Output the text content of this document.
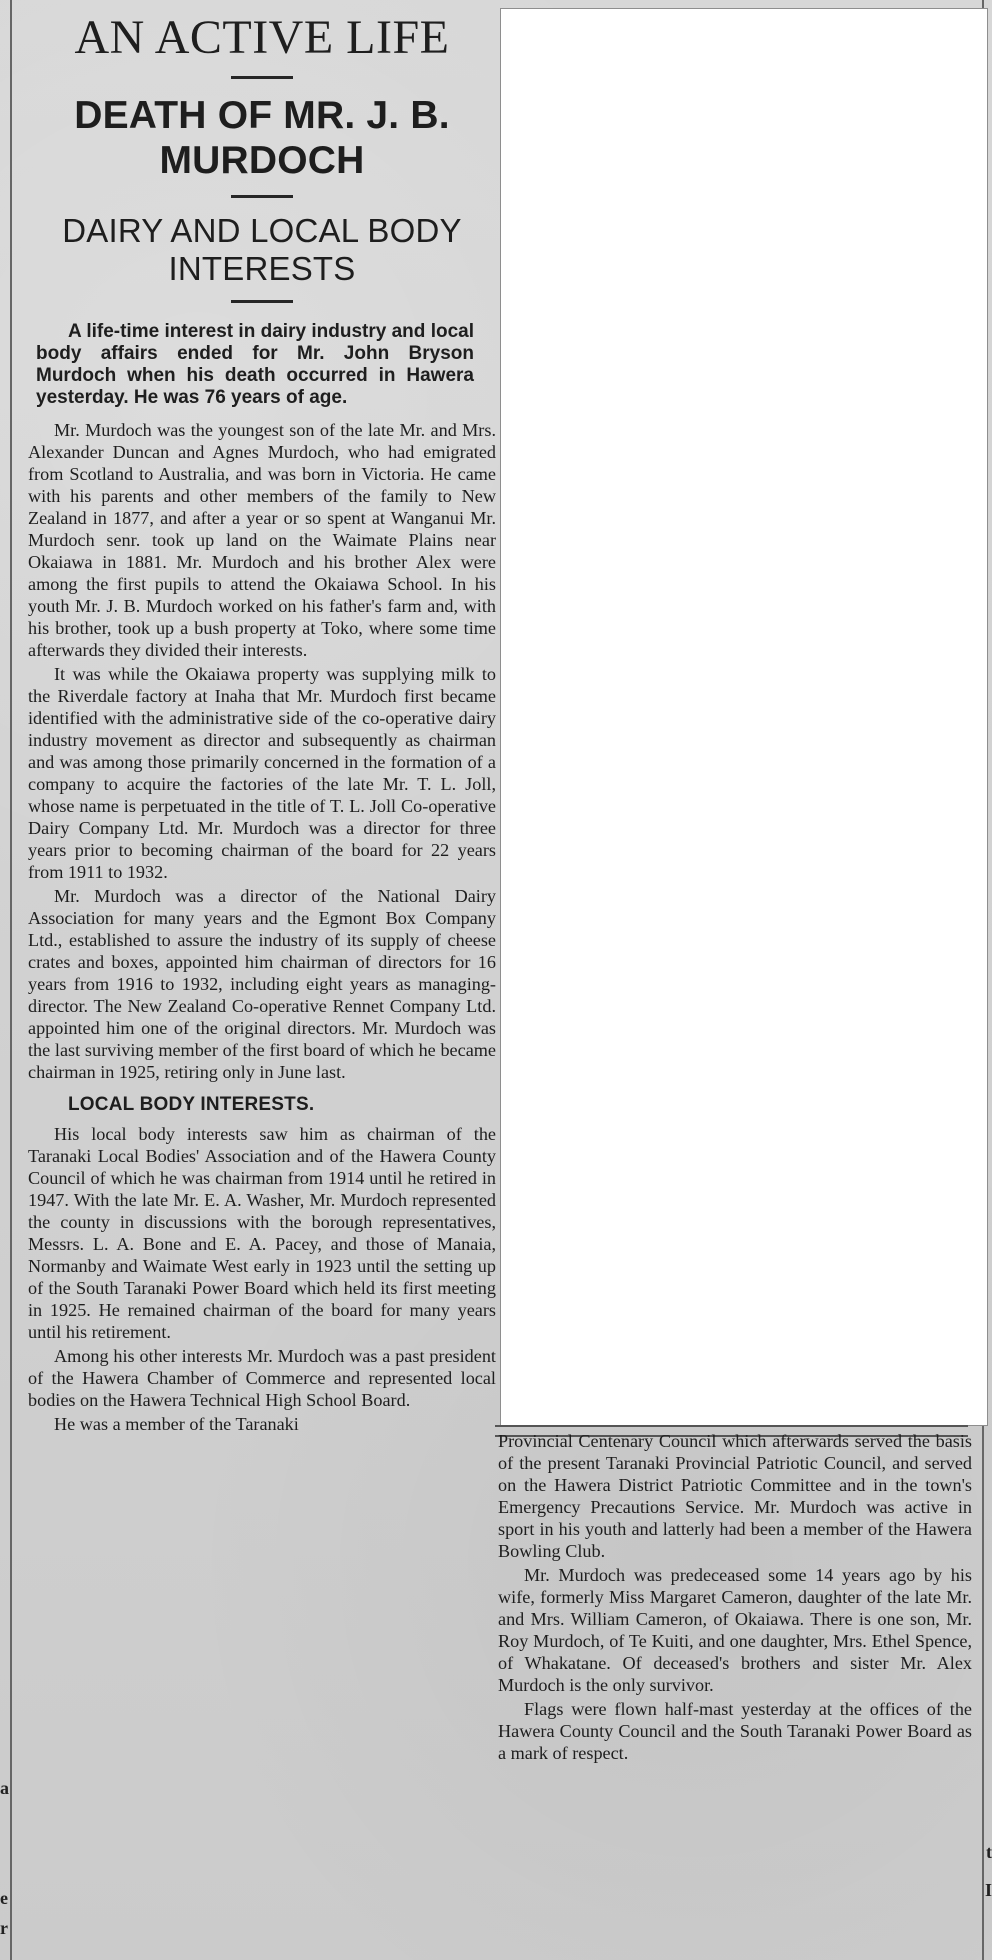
a
e
r
t
I
AN ACTIVE LIFE
DEATH OF MR. J. B. MURDOCH
DAIRY AND LOCAL BODY INTERESTS

A life-time interest in dairy industry and local body affairs ended for Mr. John Bryson Murdoch when his death occurred in Hawera yesterday. He was 76 years of age.

Mr. Murdoch was the youngest son of the late Mr. and Mrs. Alexander Duncan and Agnes Murdoch, who had emigrated from Scotland to Australia, and was born in Victoria. He came with his parents and other members of the family to New Zealand in 1877, and after a year or so spent at Wanganui Mr. Murdoch senr. took up land on the Waimate Plains near Okaiawa in 1881. Mr. Murdoch and his brother Alex were among the first pupils to attend the Okaiawa School. In his youth Mr. J. B. Murdoch worked on his father's farm and, with his brother, took up a bush property at Toko, where some time afterwards they divided their interests.

It was while the Okaiawa property was supplying milk to the Riverdale factory at Inaha that Mr. Murdoch first became identified with the administrative side of the co-operative dairy industry movement as director and subsequently as chairman and was among those primarily concerned in the formation of a company to acquire the factories of the late Mr. T. L. Joll, whose name is perpetuated in the title of T. L. Joll Co-operative Dairy Company Ltd. Mr. Murdoch was a director for three years prior to becoming chairman of the board for 22 years from 1911 to 1932.

Mr. Murdoch was a director of the National Dairy Association for many years and the Egmont Box Company Ltd., established to assure the industry of its supply of cheese crates and boxes, appointed him chairman of directors for 16 years from 1916 to 1932, including eight years as managing-director. The New Zealand Co-operative Rennet Company Ltd. appointed him one of the original directors. Mr. Murdoch was the last surviving member of the first board of which he became chairman in 1925, retiring only in June last.

LOCAL BODY INTERESTS.

His local body interests saw him as chairman of the Taranaki Local Bodies' Association and of the Hawera County Council of which he was chairman from 1914 until he retired in 1947. With the late Mr. E. A. Washer, Mr. Murdoch represented the county in discussions with the borough representatives, Messrs. L. A. Bone and E. A. Pacey, and those of Manaia, Normanby and Waimate West early in 1923 until the setting up of the South Taranaki Power Board which held its first meeting in 1925. He remained chairman of the board for many years until his retirement.

Among his other interests Mr. Murdoch was a past president of the Hawera Chamber of Commerce and represented local bodies on the Hawera Technical High School Board.

He was a member of the Taranaki

Provincial Centenary Council which afterwards served the basis of the present Taranaki Provincial Patriotic Council, and served on the Hawera District Patriotic Committee and in the town's Emergency Precautions Service. Mr. Murdoch was active in sport in his youth and latterly had been a member of the Hawera Bowling Club.

Mr. Murdoch was predeceased some 14 years ago by his wife, formerly Miss Margaret Cameron, daughter of the late Mr. and Mrs. William Cameron, of Okaiawa. There is one son, Mr. Roy Murdoch, of Te Kuiti, and one daughter, Mrs. Ethel Spence, of Whakatane. Of deceased's brothers and sister Mr. Alex Murdoch is the only survivor.

Flags were flown half-mast yesterday at the offices of the Hawera County Council and the South Taranaki Power Board as a mark of respect.
